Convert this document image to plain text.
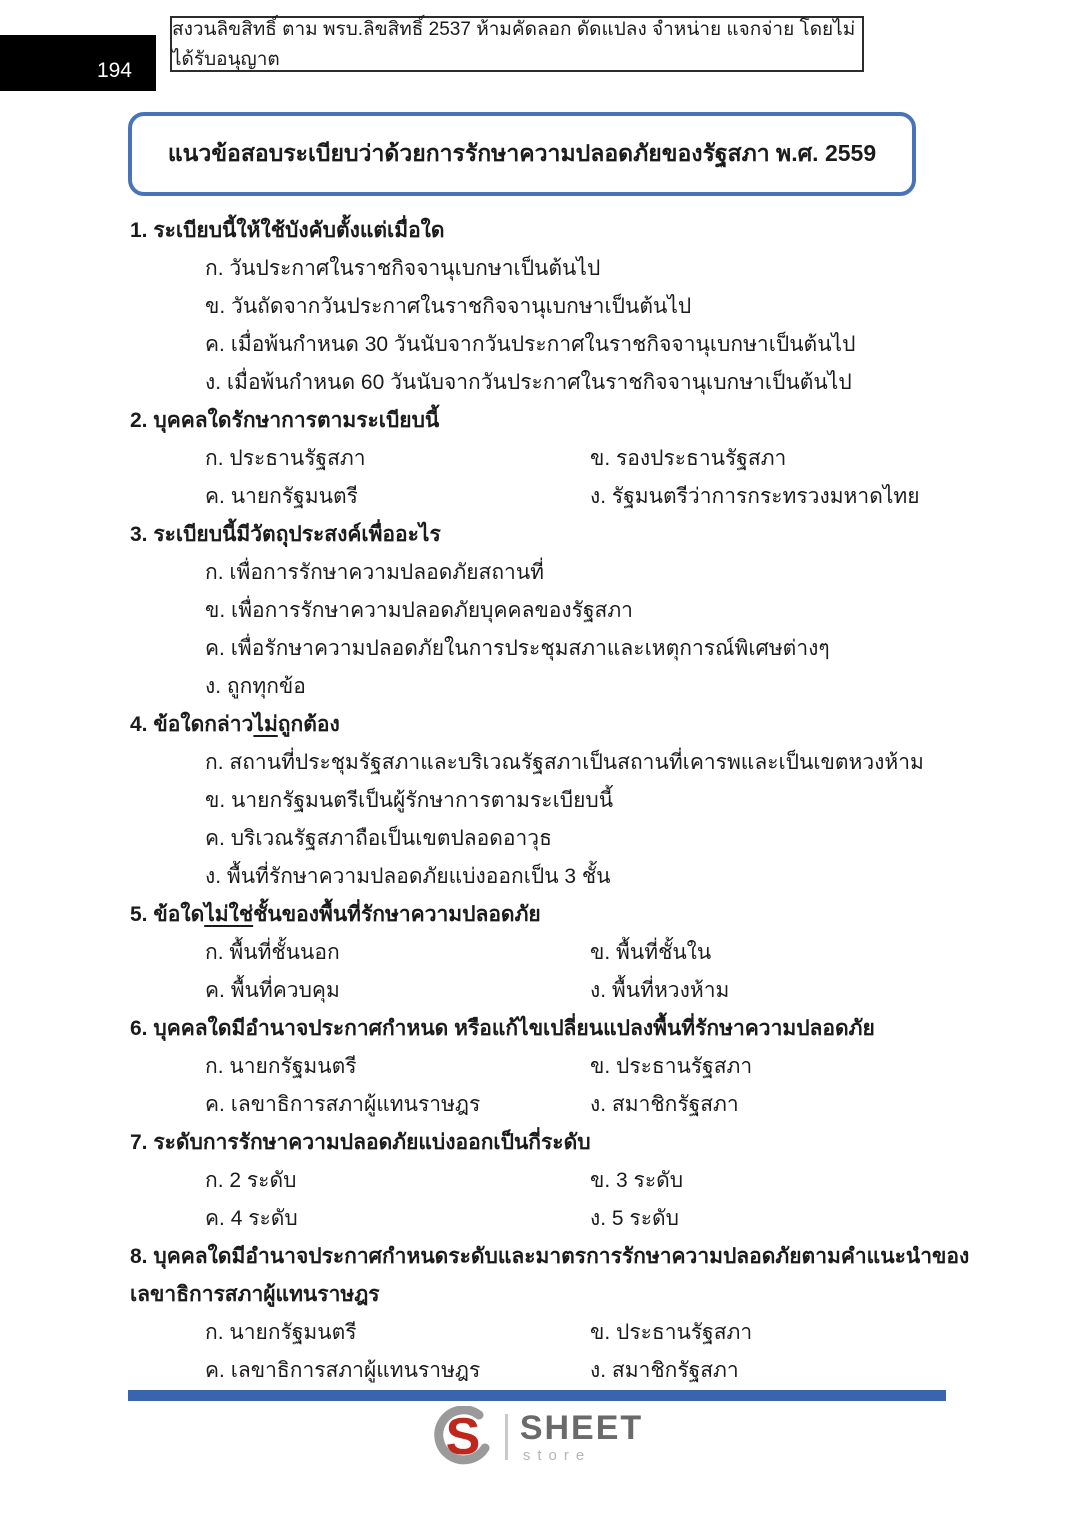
194
สงวนลิขสิทธิ์ ตาม พรบ.ลิขสิทธิ์ 2537 ห้ามคัดลอก ดัดแปลง จำหน่าย แจกจ่าย โดยไม่ได้รับอนุญาต
แนวข้อสอบระเบียบว่าด้วยการรักษาความปลอดภัยของรัฐสภา พ.ศ. 2559
1. ระเบียบนี้ให้ใช้บังคับตั้งแต่เมื่อใด
ก. วันประกาศในราชกิจจานุเบกษาเป็นต้นไป
ข. วันถัดจากวันประกาศในราชกิจจานุเบกษาเป็นต้นไป
ค. เมื่อพ้นกำหนด 30 วันนับจากวันประกาศในราชกิจจานุเบกษาเป็นต้นไป
ง. เมื่อพ้นกำหนด 60 วันนับจากวันประกาศในราชกิจจานุเบกษาเป็นต้นไป
2. บุคคลใดรักษาการตามระเบียบนี้
ก. ประธานรัฐสภา	ข. รองประธานรัฐสภา
ค. นายกรัฐมนตรี	ง. รัฐมนตรีว่าการกระทรวงมหาดไทย
3. ระเบียบนี้มีวัตถุประสงค์เพื่ออะไร
ก. เพื่อการรักษาความปลอดภัยสถานที่
ข. เพื่อการรักษาความปลอดภัยบุคคลของรัฐสภา
ค. เพื่อรักษาความปลอดภัยในการประชุมสภาและเหตุการณ์พิเศษต่างๆ
ง. ถูกทุกข้อ
4. ข้อใดกล่าวไม่ถูกต้อง
ก. สถานที่ประชุมรัฐสภาและบริเวณรัฐสภาเป็นสถานที่เคารพและเป็นเขตหวงห้าม
ข. นายกรัฐมนตรีเป็นผู้รักษาการตามระเบียบนี้
ค. บริเวณรัฐสภาถือเป็นเขตปลอดอาวุธ
ง. พื้นที่รักษาความปลอดภัยแบ่งออกเป็น 3 ชั้น
5. ข้อใดไม่ใช่ชั้นของพื้นที่รักษาความปลอดภัย
ก. พื้นที่ชั้นนอก	ข. พื้นที่ชั้นใน
ค. พื้นที่ควบคุม	ง. พื้นที่หวงห้าม
6. บุคคลใดมีอำนาจประกาศกำหนด หรือแก้ไขเปลี่ยนแปลงพื้นที่รักษาความปลอดภัย
ก. นายกรัฐมนตรี	ข. ประธานรัฐสภา
ค. เลขาธิการสภาผู้แทนราษฎร	ง. สมาชิกรัฐสภา
7. ระดับการรักษาความปลอดภัยแบ่งออกเป็นกี่ระดับ
ก. 2 ระดับ	ข. 3 ระดับ
ค. 4 ระดับ	ง. 5 ระดับ
8. บุคคลใดมีอำนาจประกาศกำหนดระดับและมาตรการรักษาความปลอดภัยตามคำแนะนำของ
เลขาธิการสภาผู้แทนราษฎร
ก. นายกรัฐมนตรี	ข. ประธานรัฐสภา
ค. เลขาธิการสภาผู้แทนราษฎร	ง. สมาชิกรัฐสภา
S SHEET
store
